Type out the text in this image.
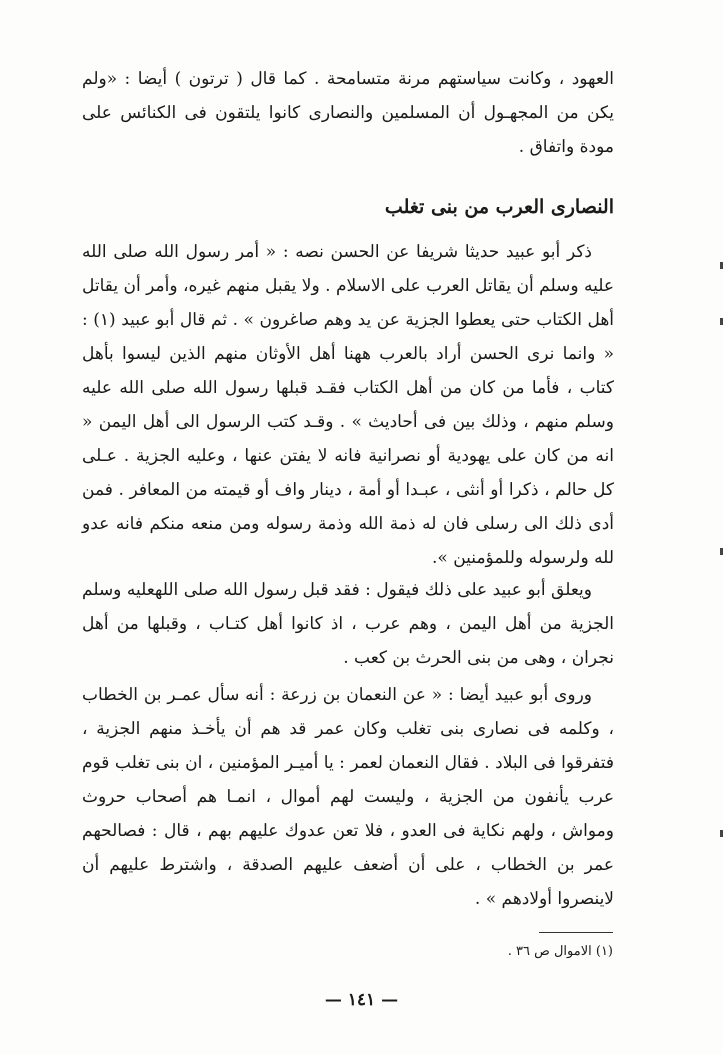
العهود ، وكانت سياستهم مرنة متسامحة . كما قال ( ترتون ) أيضا : «ولم يكن من المجهـول أن المسلمين والنصارى كانوا يلتقون فى الكنائس على مودة واتفاق .

النصارى العرب من بنى تغلب

ذكر أبو عبيد حديثا شريفا عن الحسن نصه : « أمر رسول الله صلى الله عليه وسلم أن يقاتل العرب على الاسلام . ولا يقبل منهم غيره، وأمر أن يقاتل أهل الكتاب حتى يعطوا الجزية عن يد وهم صاغرون » . ثم قال أبو عبيد (١) : « وانما نرى الحسن أراد بالعرب ههنا أهل الأوثان منهم الذين ليسوا بأهل كتاب ، فأما من كان من أهل الكتاب فقـد قبلها رسول الله صلى الله عليه وسلم منهم ، وذلك بين فى أحاديث » . وقـد كتب الرسول الى أهل اليمن « انه من كان على يهودية أو نصرانية فانه لا يفتن عنها ، وعليه الجزية . عـلى كل حالم ، ذكرا أو أنثى ، عبـدا أو أمة ، دينار واف أو قيمته من المعافر . فمن أدى ذلك الى رسلى فان له ذمة الله وذمة رسوله ومن منعه منكم فانه عدو لله ولرسوله وللمؤمنين ».

ويعلق أبو عبيد على ذلك فيقول : فقد قبل رسول الله صلى اللهعليه وسلم الجزية من أهل اليمن ، وهم عرب ، اذ كانوا أهل كتـاب ، وقبلها من أهل نجران ، وهى من بنى الحرث بن كعب .

وروى أبو عبيد أيضا : « عن النعمان بن زرعة : أنه سأل عمـر بن الخطاب ، وكلمه فى نصارى بنى تغلب وكان عمر قد هم أن يأخـذ منهم الجزية ، فتفرقوا فى البلاد . فقال النعمان لعمر : يا أميـر المؤمنين ، ان بنى تغلب قوم عرب يأنفون من الجزية ، وليست لهم أموال ، انمـا هم أصحاب حروث ومواش ، ولهم نكاية فى العدو ، فلا تعن عدوك عليهم بهم ، قال : فصالحهم عمر بن الخطاب ، على أن أضعف عليهم الصدقة ، واشترط عليهم أن لاينصروا أولادهم » .

(١) الاموال ص ٣٦ .

— ١٤١ —
